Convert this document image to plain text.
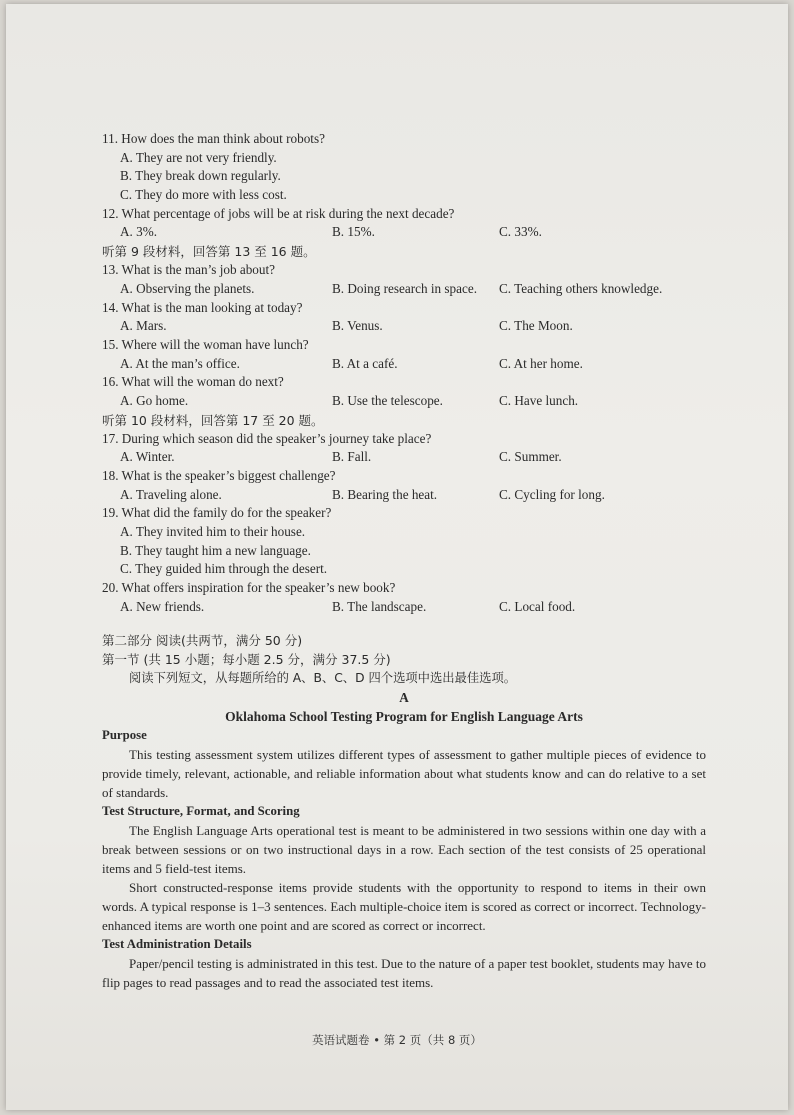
11. How does the man think about robots?
A. They are not very friendly.
B. They break down regularly.
C. They do more with less cost.
12. What percentage of jobs will be at risk during the next decade?
A. 3%.	B. 15%.	C. 33%.
听第 9 段材料，回答第 13 至 16 题。
13. What is the man’s job about?
A. Observing the planets.	B. Doing research in space. C. Teaching others knowledge.
14. What is the man looking at today?
A. Mars.	B. Venus.	C. The Moon.
15. Where will the woman have lunch?
A. At the man’s office.	B. At a café.	C. At her home.
16. What will the woman do next?
A. Go home.	B. Use the telescope.	C. Have lunch.
听第 10 段材料，回答第 17 至 20 题。
17. During which season did the speaker’s journey take place?
A. Winter.	B. Fall.	C. Summer.
18. What is the speaker’s biggest challenge?
A. Traveling alone.	B. Bearing the heat.	C. Cycling for long.
19. What did the family do for the speaker?
A. They invited him to their house.
B. They taught him a new language.
C. They guided him through the desert.
20. What offers inspiration for the speaker’s new book?
A. New friends.	B. The landscape.	C. Local food.
第二部分 阅读(共两节，满分 50 分)
第一节 (共 15 小题；每小题 2.5 分，满分 37.5 分)
阅读下列短文，从每题所给的 A、B、C、D 四个选项中选出最佳选项。
A
Oklahoma School Testing Program for English Language Arts
Purpose
This testing assessment system utilizes different types of assessment to gather multiple pieces of evidence to provide timely, relevant, actionable, and reliable information about what students know and can do relative to a set of standards.
Test Structure, Format, and Scoring
The English Language Arts operational test is meant to be administered in two sessions within one day with a break between sessions or on two instructional days in a row. Each section of the test consists of 25 operational items and 5 field-test items.
Short constructed-response items provide students with the opportunity to respond to items in their own words. A typical response is 1–3 sentences. Each multiple-choice item is scored as correct or incorrect. Technology-enhanced items are worth one point and are scored as correct or incorrect.
Test Administration Details
Paper/pencil testing is administrated in this test. Due to the nature of a paper test booklet, students may have to flip pages to read passages and to read the associated test items.
英语试题卷 • 第 2 页（共 8 页）
